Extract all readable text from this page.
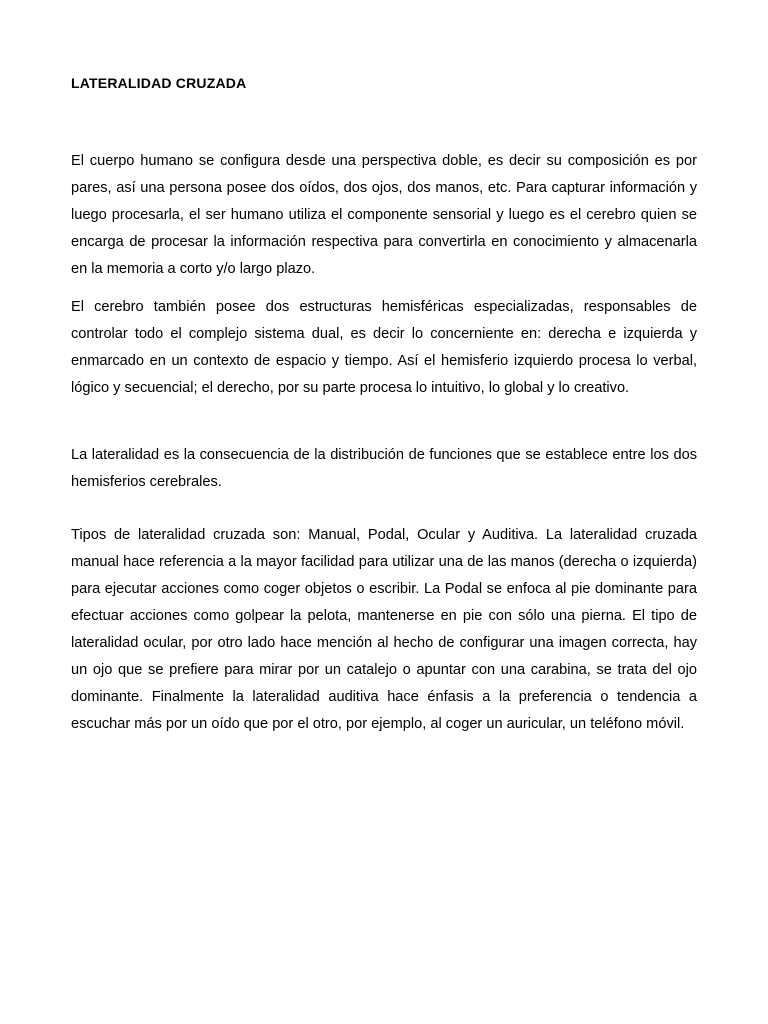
LATERALIDAD CRUZADA

El cuerpo humano se configura desde una perspectiva doble, es decir su composición es por pares, así una persona posee dos oídos, dos ojos, dos manos, etc. Para capturar información y luego procesarla, el ser humano utiliza el componente sensorial y luego es el cerebro quien se encarga de procesar la información respectiva para convertirla en conocimiento y almacenarla en la memoria a corto y/o largo plazo.

El cerebro también posee dos estructuras hemisféricas especializadas, responsables de controlar todo el complejo sistema dual, es decir lo concerniente en: derecha e izquierda y enmarcado en un contexto de espacio y tiempo. Así el hemisferio izquierdo procesa lo verbal, lógico y secuencial; el derecho, por su parte procesa lo intuitivo, lo global y lo creativo.

La lateralidad es la consecuencia de la distribución de funciones que se establece entre los dos hemisferios cerebrales.

Tipos de lateralidad cruzada son: Manual, Podal, Ocular y Auditiva. La lateralidad cruzada manual hace referencia a la mayor facilidad para utilizar una de las manos (derecha o izquierda) para ejecutar acciones como coger objetos o escribir. La Podal se enfoca al pie dominante para efectuar acciones como golpear la pelota, mantenerse en pie con sólo una pierna. El tipo de lateralidad ocular, por otro lado hace mención al hecho de configurar una imagen correcta, hay un ojo que se prefiere para mirar por un catalejo o apuntar con una carabina, se trata del ojo dominante. Finalmente la lateralidad auditiva hace énfasis a la preferencia o tendencia a escuchar más por un oído que por el otro, por ejemplo, al coger un auricular, un teléfono móvil.
